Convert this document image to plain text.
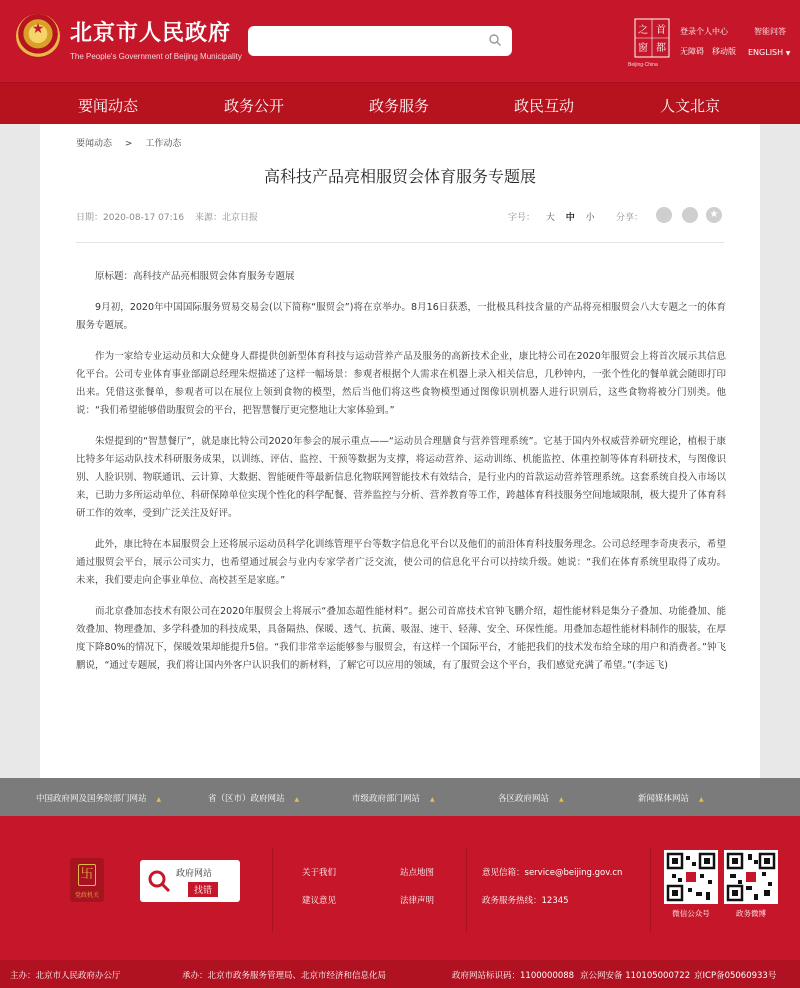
★	北京市人民政府
The People's Government of Beijing Municipality
首
都
之
窗
Beijing·China
登录个人中心	智能问答
无障碍 移动版 ENGLISH ▼
要闻动态	政务公开	政务服务	政民互动	人文北京
要闻动态 > 工作动态
高科技产品亮相服贸会体育服务专题展
日期：2020-08-17 07:16 来源：北京日报	字号： 大 中 小 分享：	★

原标题：高科技产品亮相服贸会体育服务专题展

9月初，2020年中国国际服务贸易交易会(以下简称“服贸会”)将在京举办。8月16日获悉，一批极具科技含量的产品将亮相服贸会八大专题之一的体育服务专题展。

作为一家给专业运动员和大众健身人群提供创新型体育科技与运动营养产品及服务的高新技术企业，康比特公司在2020年服贸会上将首次展示其信息化平台。公司专业体育事业部副总经理朱煜描述了这样一幅场景：参观者根据个人需求在机器上录入相关信息，几秒钟内，一张个性化的餐单就会随即打印出来。凭借这张餐单，参观者可以在展位上领到食物的模型，然后当他们将这些食物模型通过图像识别机器人进行识别后，这些食物将被分门别类。他说：“我们希望能够借助服贸会的平台，把智慧餐厅更完整地让大家体验到。”

朱煜提到的“智慧餐厅”，就是康比特公司2020年参会的展示重点——“运动员合理膳食与营养管理系统”。它基于国内外权威营养研究理论，植根于康比特多年运动队技术科研服务成果，以训练、评估、监控、干预等数据为支撑，将运动营养、运动训练、机能监控、体重控制等体育科研技术，与图像识别、人脸识别、物联通讯、云计算、大数据、智能硬件等最新信息化物联网智能技术有效结合，是行业内的首款运动营养管理系统。这套系统自投入市场以来，已助力多所运动单位、科研保障单位实现个性化的科学配餐、营养监控与分析、营养教育等工作，跨越体育科技服务空间地域限制，极大提升了体育科研工作的效率，受到广泛关注及好评。

此外，康比特在本届服贸会上还将展示运动员科学化训练管理平台等数字信息化平台以及他们的前沿体育科技服务理念。公司总经理李奇庚表示，希望通过服贸会平台，展示公司实力，也希望通过展会与业内专家学者广泛交流，使公司的信息化平台可以持续升级。她说：“我们在体育系统里取得了成功。未来，我们要走向企事业单位、高校甚至是家庭。”

而北京叠加态技术有限公司在2020年服贸会上将展示“叠加态超性能材料”。据公司首席技术官钟飞鹏介绍，超性能材料是集分子叠加、功能叠加、能效叠加、物理叠加、多学科叠加的科技成果，具备隔热、保暖、透气、抗菌、吸湿、速干、轻薄、安全、环保性能。用叠加态超性能材料制作的服装，在厚度下降80%的情况下，保暖效果却能提升5倍。“我们非常幸运能够参与服贸会，有这样一个国际平台，才能把我们的技术发布给全球的用户和消费者。”钟飞鹏说，“通过专题展，我们将让国内外客户认识我们的新材料，了解它可以应用的领域，有了服贸会这个平台，我们感觉充满了希望。”(李远飞)

中国政府网及国务院部门网站 ▲	省（区市）政府网站 ▲	市级政府部门网站 ▲	各区政府网站 ▲	新闻媒体网站 ▲
卐
党政机关
政府网站
找错
关于我们	站点地图
建议意见	法律声明
意见信箱：service@beijing.gov.cn
政务服务热线：12345
微信公众号	政务微博
主办：北京市人民政府办公厅	承办：北京市政务服务管理局、北京市经济和信息化局	政府网站标识码：1100000088 京公网安备 110105000722 京ICP备05060933号
